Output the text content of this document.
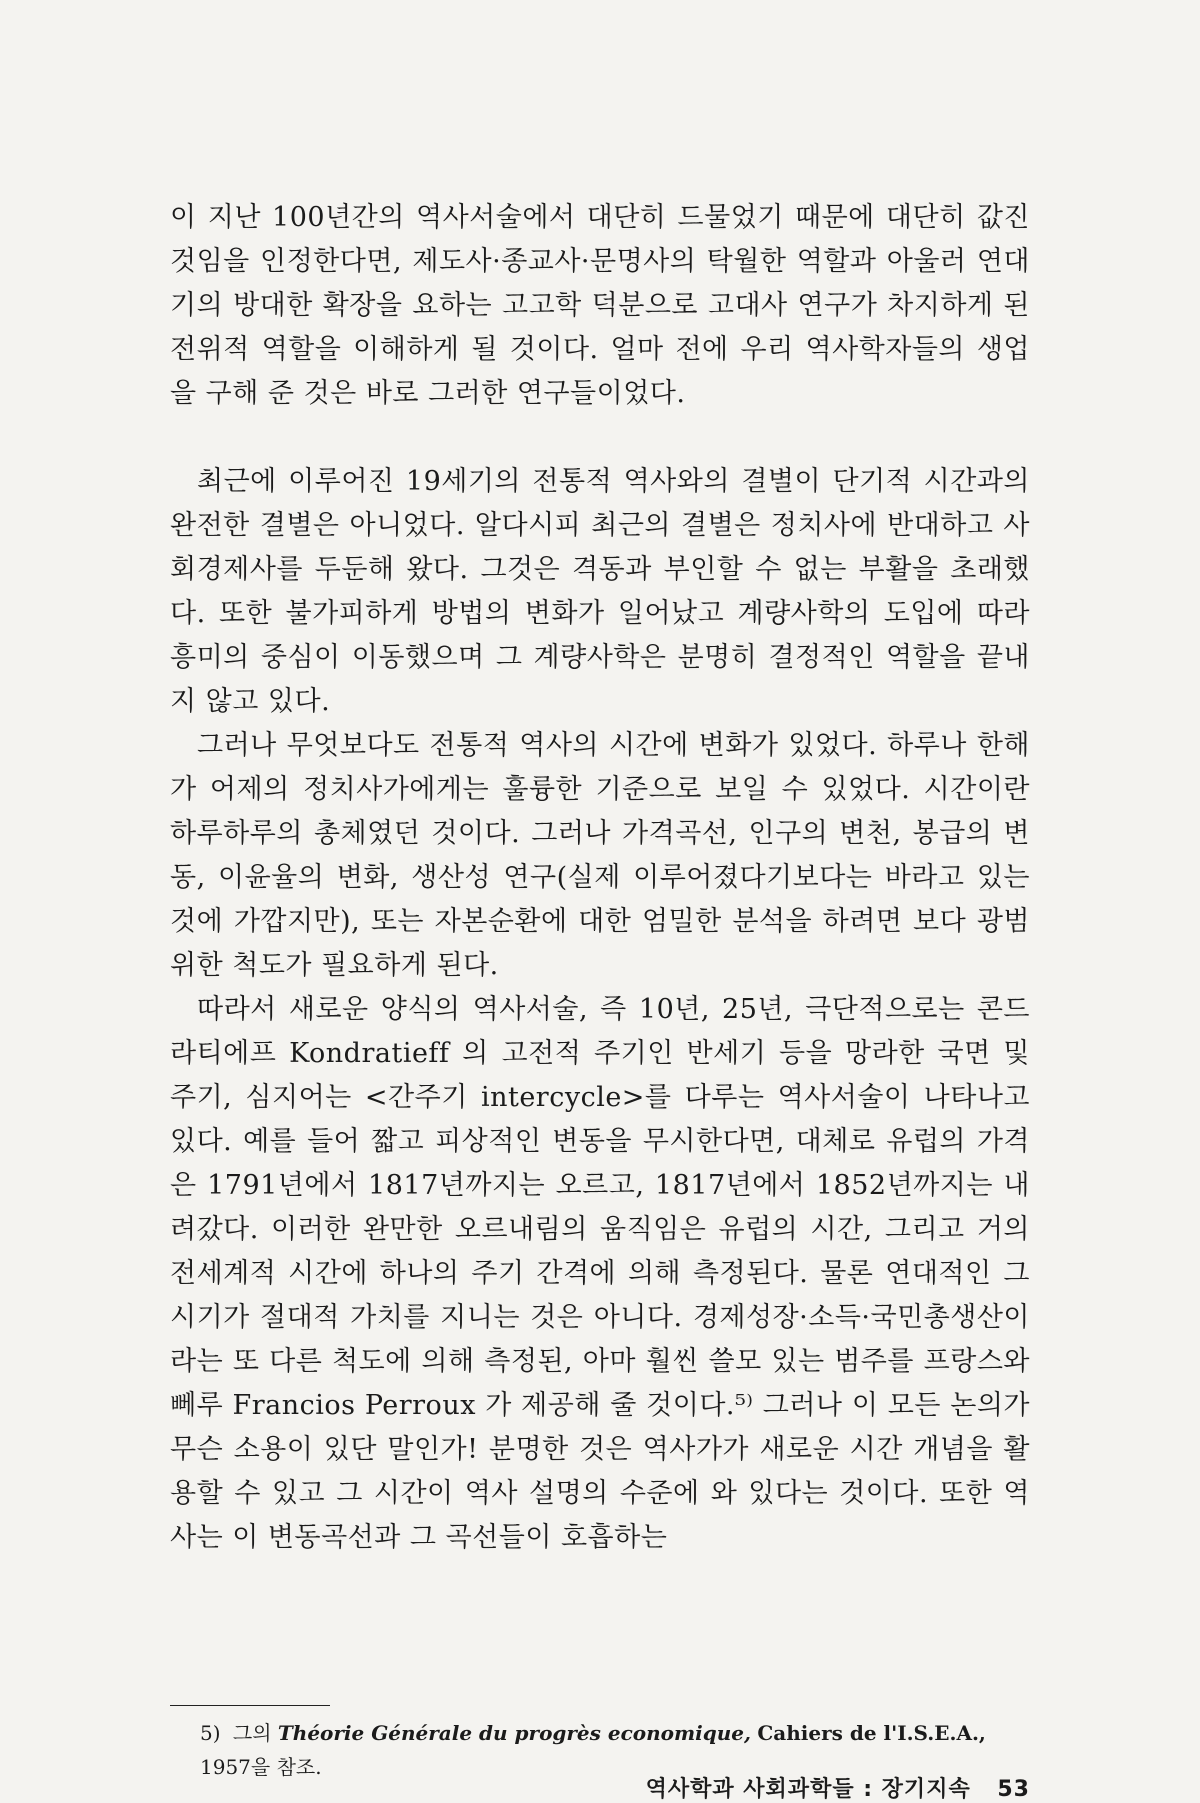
이 지난 100년간의 역사서술에서 대단히 드물었기 때문에 대단히 값진 것임을 인정한다면, 제도사·종교사·문명사의 탁월한 역할과 아울러 연대기의 방대한 확장을 요하는 고고학 덕분으로 고대사 연구가 차지하게 된 전위적 역할을 이해하게 될 것이다. 얼마 전에 우리 역사학자들의 생업을 구해 준 것은 바로 그러한 연구들이었다.

최근에 이루어진 19세기의 전통적 역사와의 결별이 단기적 시간과의 완전한 결별은 아니었다. 알다시피 최근의 결별은 정치사에 반대하고 사회경제사를 두둔해 왔다. 그것은 격동과 부인할 수 없는 부활을 초래했다. 또한 불가피하게 방법의 변화가 일어났고 계량사학의 도입에 따라 흥미의 중심이 이동했으며 그 계량사학은 분명히 결정적인 역할을 끝내지 않고 있다.

그러나 무엇보다도 전통적 역사의 시간에 변화가 있었다. 하루나 한해가 어제의 정치사가에게는 훌륭한 기준으로 보일 수 있었다. 시간이란 하루하루의 총체였던 것이다. 그러나 가격곡선, 인구의 변천, 봉급의 변동, 이윤율의 변화, 생산성 연구(실제 이루어졌다기보다는 바라고 있는 것에 가깝지만), 또는 자본순환에 대한 엄밀한 분석을 하려면 보다 광범위한 척도가 필요하게 된다.

따라서 새로운 양식의 역사서술, 즉 10년, 25년, 극단적으로는 콘드라티에프 Kondratieff 의 고전적 주기인 반세기 등을 망라한 국면 및 주기, 심지어는 <간주기 intercycle>를 다루는 역사서술이 나타나고 있다. 예를 들어 짧고 피상적인 변동을 무시한다면, 대체로 유럽의 가격은 1791년에서 1817년까지는 오르고, 1817년에서 1852년까지는 내려갔다. 이러한 완만한 오르내림의 움직임은 유럽의 시간, 그리고 거의 전세계적 시간에 하나의 주기 간격에 의해 측정된다. 물론 연대적인 그 시기가 절대적 가치를 지니는 것은 아니다. 경제성장·소득·국민총생산이라는 또 다른 척도에 의해 측정된, 아마 훨씬 쓸모 있는 범주를 프랑스와 뻬루 Francios Perroux 가 제공해 줄 것이다.⁵⁾ 그러나 이 모든 논의가 무슨 소용이 있단 말인가! 분명한 것은 역사가가 새로운 시간 개념을 활용할 수 있고 그 시간이 역사 설명의 수준에 와 있다는 것이다. 또한 역사는 이 변동곡선과 그 곡선들이 호흡하는

5) 그의 Théorie Générale du progrès economique, Cahiers de l'I.S.E.A.,
1957을 참조.
역사학과 사회과학들 : 장기지속 53
